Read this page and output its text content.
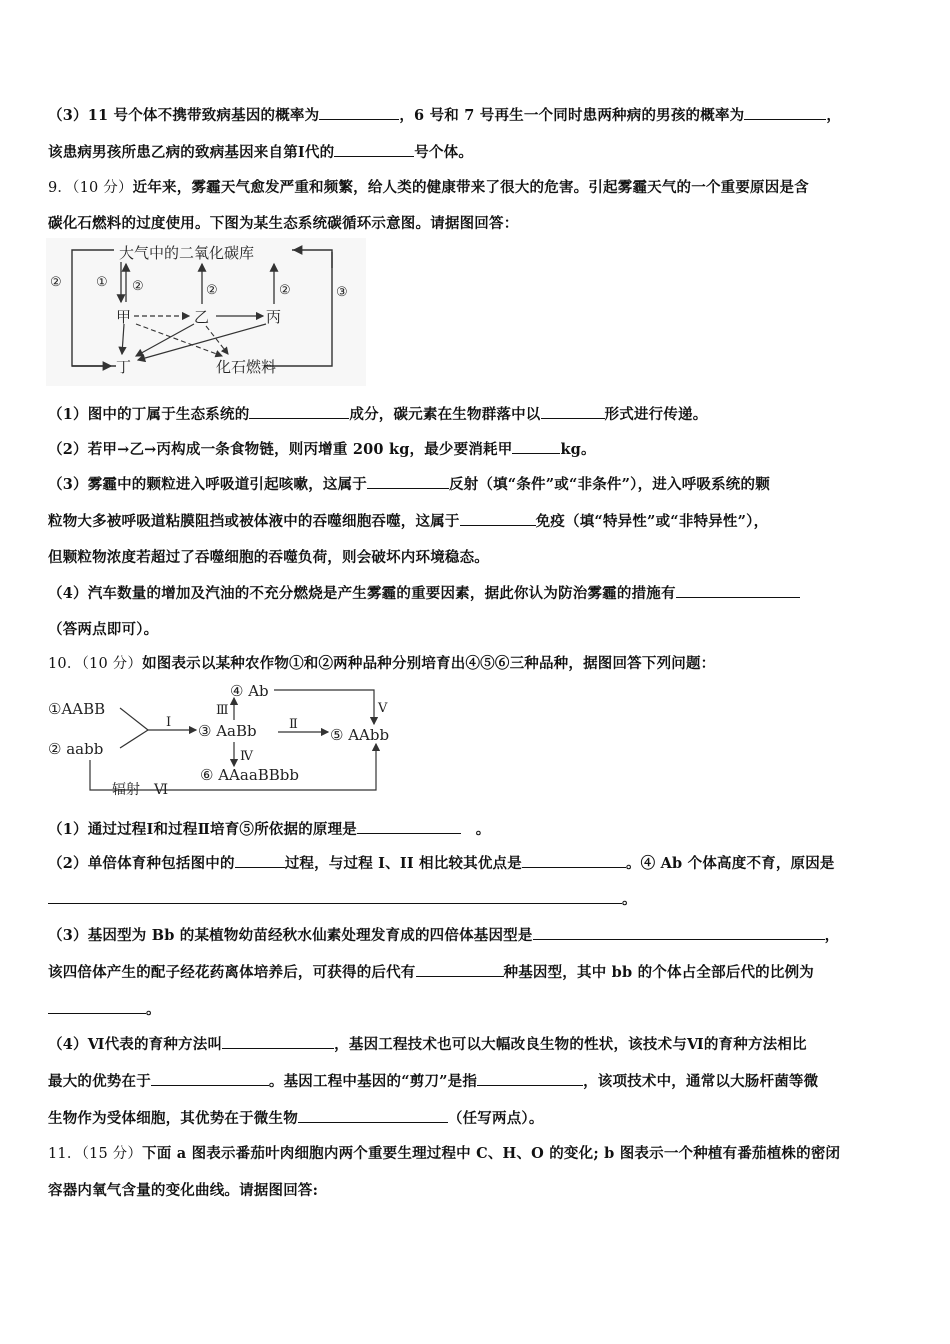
（3）11 号个体不携带致病基因的概率为	，6 号和 7 号再生一个同时患两种病的男孩的概率为	，
该患病男孩所患乙病的致病基因来自第Ⅰ代的	号个体。
9．（10 分）近年来，雾霾天气愈发严重和频繁，给人类的健康带来了很大的危害。引起雾霾天气的一个重要原因是含
碳化石燃料的过度使用。下图为某生态系统碳循环示意图。请据图回答：
大气中的二氧化碳库
甲	乙	丙
丁	化石燃料
②	① ②	②	②	③
（1）图中的丁属于生态系统的	成分，碳元素在生物群落中以	形式进行传递。
（2）若甲→乙→丙构成一条食物链，则丙增重 200 kg，最少要消耗甲	kg。
（3）雾霾中的颗粒进入呼吸道引起咳嗽，这属于	反射（填“条件”或“非条件”），进入呼吸系统的颗
粒物大多被呼吸道粘膜阻挡或被体液中的吞噬细胞吞噬，这属于	免疫（填“特异性”或“非特异性”），
但颗粒物浓度若超过了吞噬细胞的吞噬负荷，则会破坏内环境稳态。
（4）汽车数量的增加及汽油的不充分燃烧是产生雾霾的重要因素，据此你认为防治雾霾的措施有
（答两点即可）。
10．（10 分）如图表示以某种农作物①和②两种品种分别培育出④⑤⑥三种品种，据图回答下列问题：
①AABB
② aabb
③ AaBb
④ Ab
⑤ AAbb
⑥ AAaaBBbb
Ⅰ	Ⅱ
Ⅲ
Ⅳ
Ⅴ
辐射　Ⅵ
（1）通过过程Ⅰ和过程Ⅱ培育⑤所依据的原理是	　。
（2）单倍体育种包括图中的	过程，与过程 I、II 相比较其优点是	。④ Ab 个体高度不育，原因是
。
（3）基因型为 Bb 的某植物幼苗经秋水仙素处理发育成的四倍体基因型是	，
该四倍体产生的配子经花药离体培养后，可获得的后代有	种基因型，其中 bb 的个体占全部后代的比例为
。
（4）Ⅵ代表的育种方法叫	，基因工程技术也可以大幅改良生物的性状，该技术与Ⅵ的育种方法相比
最大的优势在于	。基因工程中基因的“剪刀”是指	，该项技术中，通常以大肠杆菌等微
生物作为受体细胞，其优势在于微生物	（任写两点）。
11．（15 分）下面 a 图表示番茄叶肉细胞内两个重要生理过程中 C、H、O 的变化; b 图表示一个种植有番茄植株的密闭
容器内氧气含量的变化曲线。请据图回答:
